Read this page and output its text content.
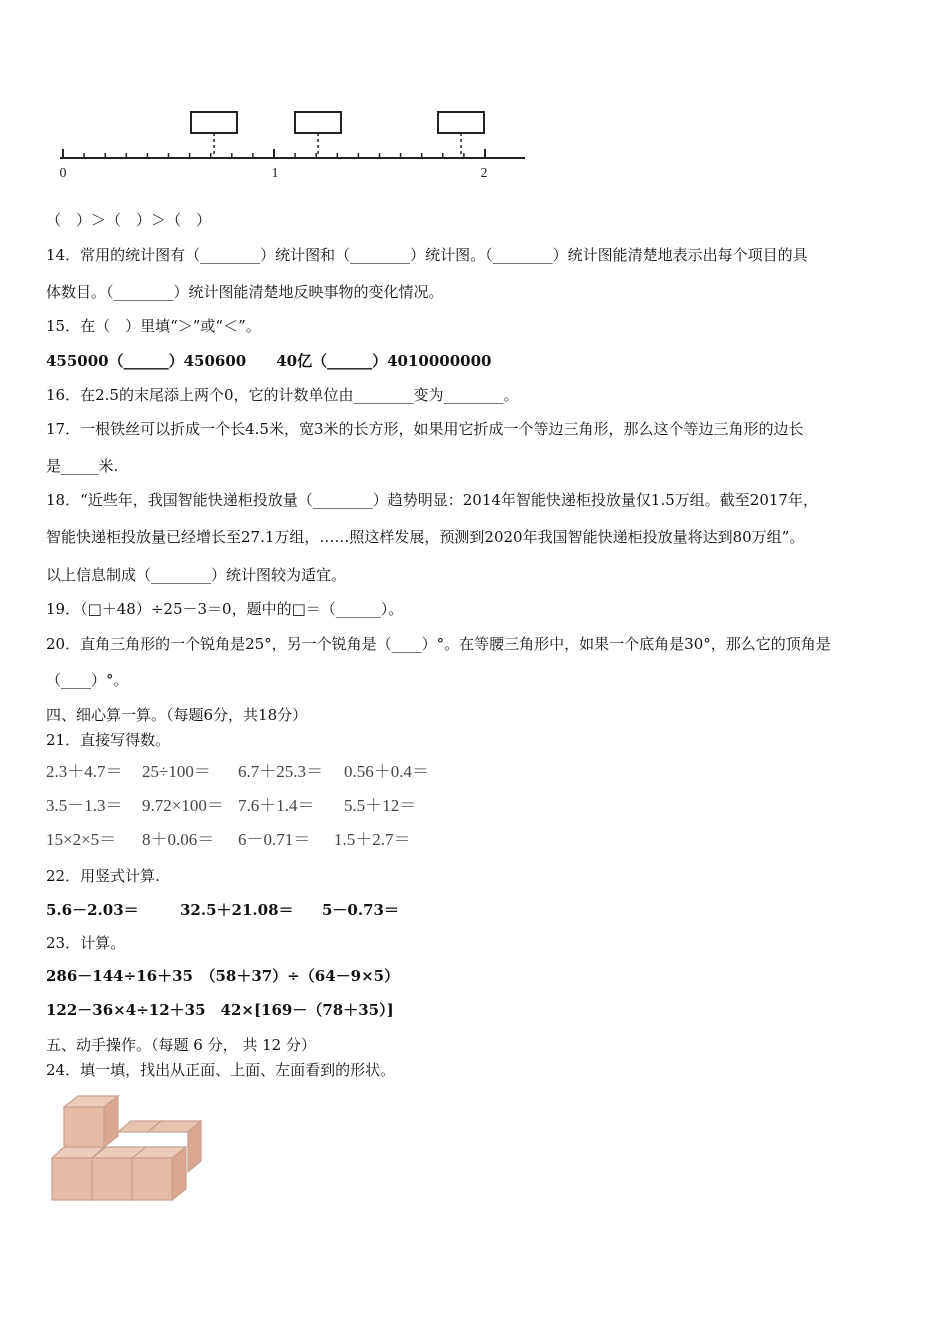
0	1	2
（　）＞（　）＞（　）
14．常用的统计图有（________）统计图和（________）统计图。（________）统计图能清楚地表示出每个项目的具
体数目。（________）统计图能清楚地反映事物的变化情况。
15．在（　）里填“＞”或“＜”。
455000（______）450600　　40亿（______）4010000000
16．在2.5的末尾添上两个0，它的计数单位由________变为________。
17．一根铁丝可以折成一个长4.5米，宽3米的长方形，如果用它折成一个等边三角形，那么这个等边三角形的边长
是_____米.
18．“近些年，我国智能快递柜投放量（________）趋势明显：2014年智能快递柜投放量仅1.5万组。截至2017年，
智能快递柜投放量已经增长至27.1万组，……照这样发展，预测到2020年我国智能快递柜投放量将达到80万组”。
以上信息制成（________）统计图较为适宜。
19．（□＋48）÷25－3＝0，题中的□＝（______）。
20．直角三角形的一个锐角是25°，另一个锐角是（____）°。在等腰三角形中，如果一个底角是30°，那么它的顶角是
（____）°。
四、细心算一算。（每题6分，共18分）
21．直接写得数。
2.3＋4.7＝ 25÷100＝ 6.7＋25.3＝ 0.56＋0.4＝
3.5－1.3＝ 9.72×100＝ 7.6＋1.4＝ 5.5＋12＝
15×2×5＝ 8＋0.06＝ 6－0.71＝ 1.5＋2.7＝
22．用竖式计算.
5.6－2.03＝	32.5＋21.08＝ 5－0.73＝
23．计算。
286－144÷16＋35　（58＋37）÷（64－9×5）
122－36×4÷12＋35　42×[169－（78＋35）]
五、动手操作。（每题 6 分， 共 12 分）
24．填一填，找出从正面、上面、左面看到的形状。
